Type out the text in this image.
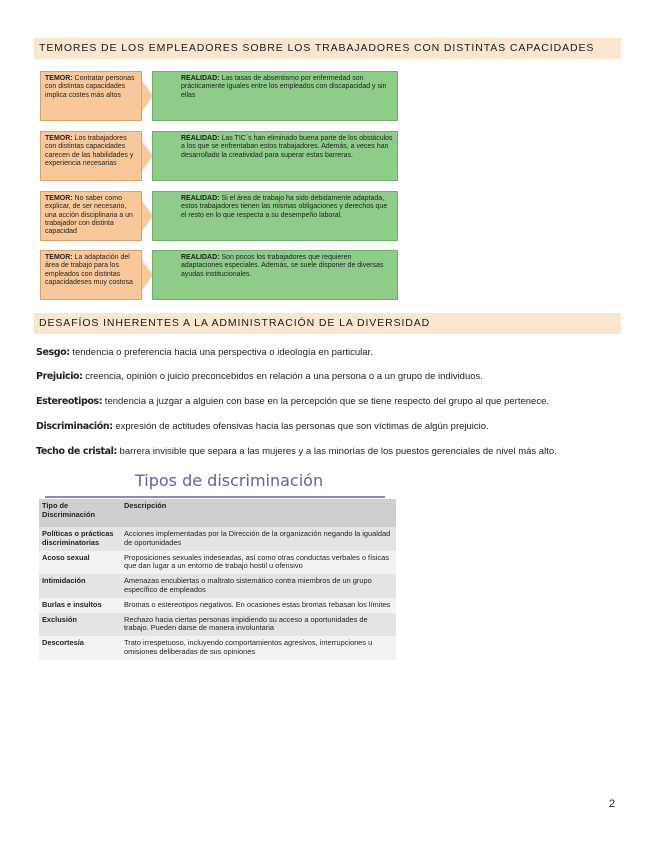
TEMORES DE LOS EMPLEADORES SOBRE LOS TRABAJADORES CON DISTINTAS CAPACIDADES
TEMOR: Contratar personas con distintas capacidades implica costes más altos
REALIDAD: Las tasas de absentismo por enfermedad son prácticamente iguales entre los empleados con discapacidad y sin ellas
TEMOR: Los trabajadores con distintas capacidades carecen de las habilidades y experiencia necesarias
REALIDAD: Las TIC´s han eliminado buena parte de los obstáculos a los que se enfrentaban estos trabajadores. Además, a veces han desarrollado la creatividad para superar estas barreras.
TEMOR: No saber como explicar, de ser necesario, una acción disciplinaria a un trabajador con distinta capacidad
REALIDAD: Si el área de trabajo ha sido debidamente adaptada, estos trabajadores tienen las mismas obligaciones y derechos que el resto en lo que respecta a su desempeño laboral.
TEMOR: La adaptación del área de trabajo para los empleados con distintas capacidadeses muy costosa
REALIDAD: Son pocos los trabajadores que requieren adaptaciones especiales. Además, se suele disponer de diversas ayudas institucionales.
DESAFÍOS INHERENTES A LA ADMINISTRACIÓN DE LA DIVERSIDAD
Sesgo: tendencia o preferencia hacia una perspectiva o ideología en particular.
Prejuicio: creencia, opinión o juicio preconcebidos en relación a una persona o a un grupo de individuos.
Estereotipos: tendencia a juzgar a alguien con base en la percepción que se tiene respecto del grupo al que pertenece.
Discriminación: expresión de actitudes ofensivas hacia las personas que son víctimas de algún prejuicio.
Techo de cristal: barrera invisible que separa a las mujeres y a las minorías de los puestos gerenciales de nivel más alto.
Tipos de discriminación
Tipo de Discriminación	Descripción
Políticas o prácticas discriminatorias	Acciones implementadas por la Dirección de la organización negando la igualdad de oportunidades
Acoso sexual	Proposiciones sexuales indeseadas, así como otras conductas verbales o físicas que dan lugar a un entorno de trabajo hostil u ofensivo
Intimidación	Amenazas encubiertas o maltrato sistemático contra miembros de un grupo específico de empleados
Burlas e insultos	Bromas o estereotipos negativos. En ocasiones estas bromas rebasan los límites
Exclusión	Rechazo hacia ciertas personas impidiendo su acceso a oportunidades de trabajo. Pueden darse de manera involuntaria
Descortesía	Trato irrespetuoso, incluyendo comportamientos agresivos, interrupciones u omisiones deliberadas de sus opiniones
2
